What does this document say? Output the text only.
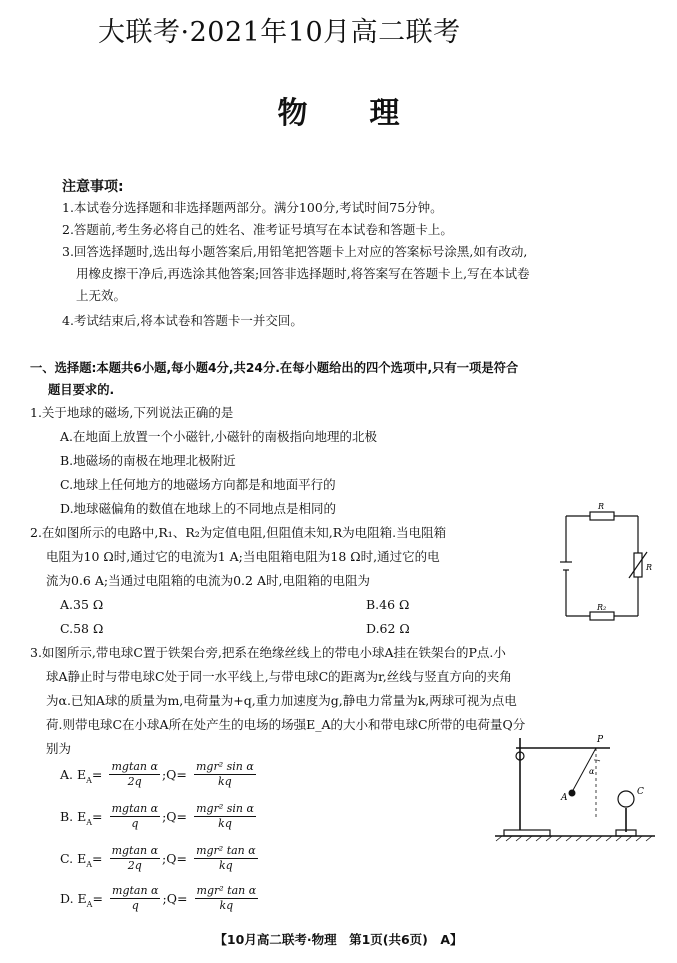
大联考·2021年10月高二联考
物理
注意事项:
1.本试卷分选择题和非选择题两部分。满分100分,考试时间75分钟。
2.答题前,考生务必将自己的姓名、准考证号填写在本试卷和答题卡上。
3.回答选择题时,选出每小题答案后,用铅笔把答题卡上对应的答案标号涂黑,如有改动,
用橡皮擦干净后,再选涂其他答案;回答非选择题时,将答案写在答题卡上,写在本试卷
上无效。
4.考试结束后,将本试卷和答题卡一并交回。
一、选择题:本题共6小题,每小题4分,共24分.在每小题给出的四个选项中,只有一项是符合
题目要求的.
1.关于地球的磁场,下列说法正确的是
A.在地面上放置一个小磁针,小磁针的南极指向地理的北极
B.地磁场的南极在地理北极附近
C.地球上任何地方的地磁场方向都是和地面平行的
D.地球磁偏角的数值在地球上的不同地点是相同的
2.在如图所示的电路中,R₁、R₂为定值电阻,但阻值未知,R为电阻箱.当电阻箱
电阻为10 Ω时,通过它的电流为1 A;当电阻箱电阻为18 Ω时,通过它的电
流为0.6 A;当通过电阻箱的电流为0.2 A时,电阻箱的电阻为
A.35 Ω	B.46 Ω
C.58 Ω	D.62 Ω
R
R
R₂
3.如图所示,带电球C置于铁架台旁,把系在绝缘丝线上的带电小球A挂在铁架台的P点.小
球A静止时与带电球C处于同一水平线上,与带电球C的距离为r,丝线与竖直方向的夹角
为α.已知A球的质量为m,电荷量为+q,重力加速度为g,静电力常量为k,两球可视为点电
荷.则带电球C在小球A所在处产生的电场的场强E_A的大小和带电球C所带的电荷量Q分
别为
A. $E_A= \frac{\text{mgtan α}}{2q}$ ;Q= $\frac{\text{mgr² sin α}}{kq}$
B. $E_A= \frac{\text{mgtan α}}{q}$ ;Q= $\frac{\text{mgr² sin α}}{kq}$
C. $E_A= \frac{\text{mgtan α}}{2q}$ ;Q= $\frac{\text{mgr² tan α}}{kq}$
D. $E_A= \frac{\text{mgtan α}}{q}$ ;Q= $\frac{\text{mgr² tan α}}{kq}$
P
A
C
α
【10月高二联考·物理　第1页(共6页)　A】
